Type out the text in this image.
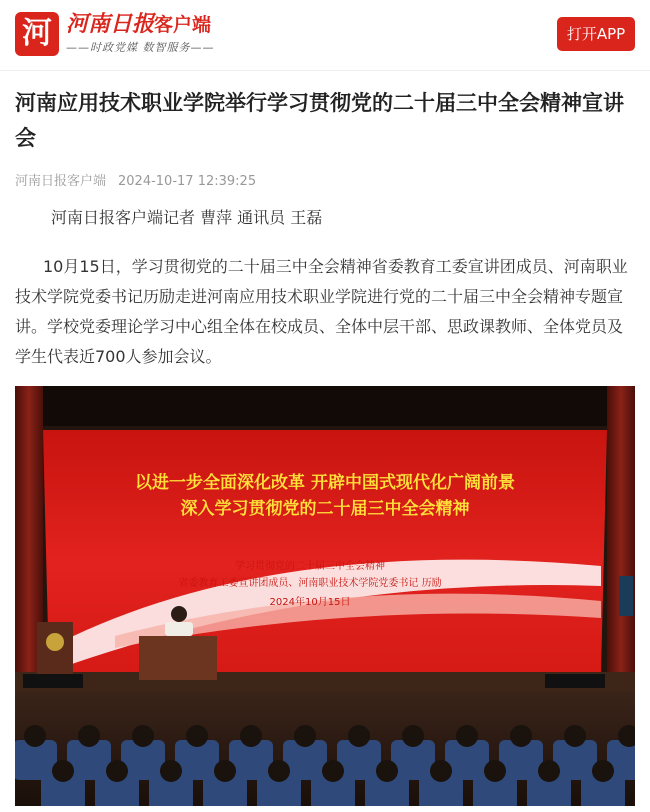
河 河南日报客户端
——时政党媒 数智服务——
打开APP
河南应用技术职业学院举行学习贯彻党的二十届三中全会精神宣讲会
河南日报客户端 2024-10-17 12:39:25

河南日报客户端记者 曹萍 通讯员 王磊

10月15日，学习贯彻党的二十届三中全会精神省委教育工委宣讲团成员、河南职业技术学院党委书记历励走进河南应用技术职业学院进行党的二十届三中全会精神专题宣讲。学校党委理论学习中心组全体在校成员、全体中层干部、思政课教师、全体党员及学生代表近700人参加会议。

以进一步全面深化改革 开辟中国式现代化广阔前景
深入学习贯彻党的二十届三中全会精神
学习贯彻党的二十届三中全会精神
省委教育工委宣讲团成员、河南职业技术学院党委书记 历励
2024年10月15日
